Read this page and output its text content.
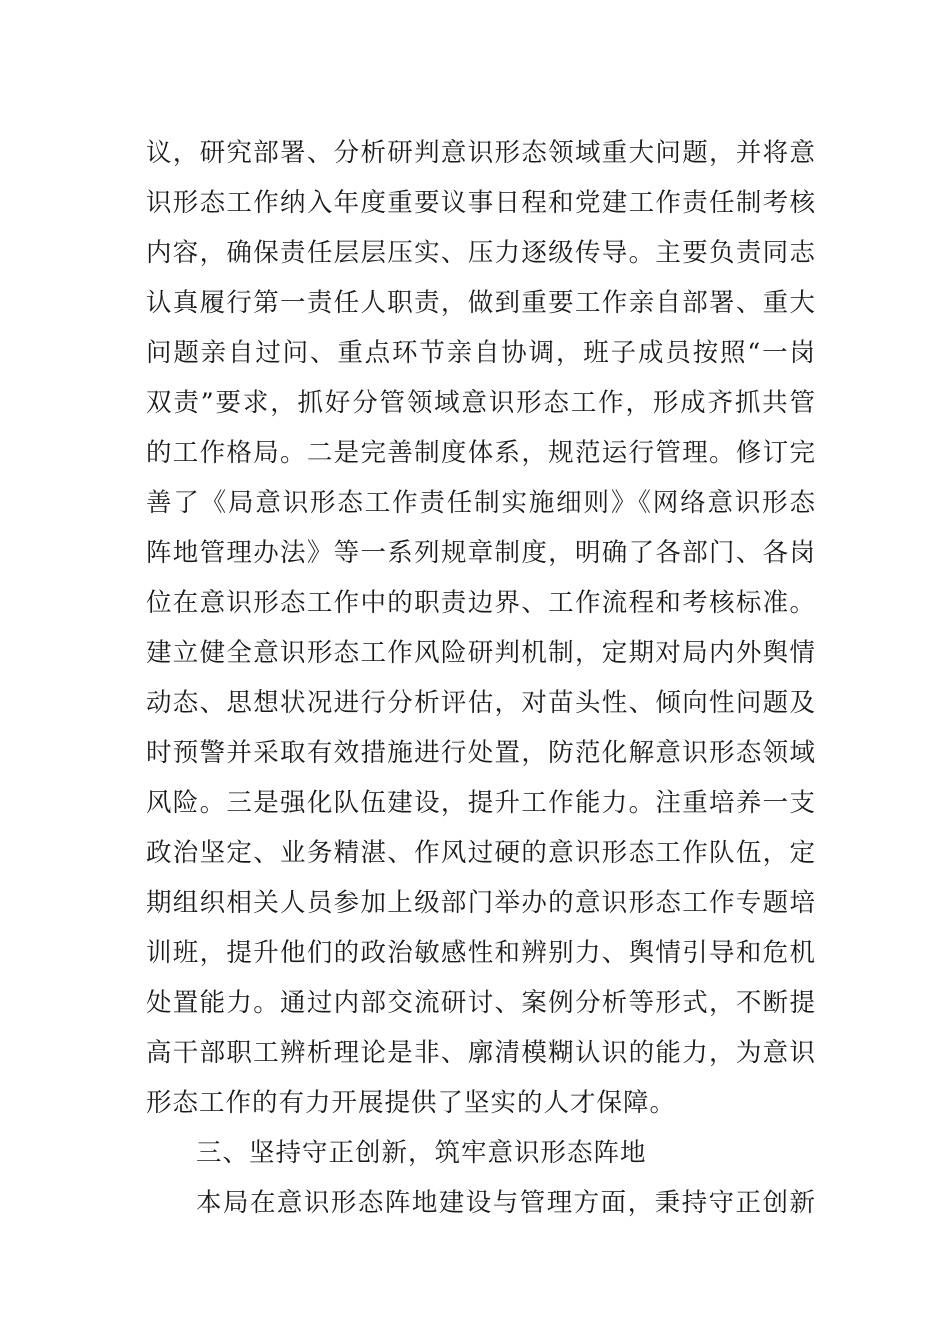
议，研究部署、分析研判意识形态领域重大问题，并将意
识形态工作纳入年度重要议事日程和党建工作责任制考核
内容，确保责任层层压实、压力逐级传导。主要负责同志
认真履行第一责任人职责，做到重要工作亲自部署、重大
问题亲自过问、重点环节亲自协调，班子成员按照“一岗
双责”要求，抓好分管领域意识形态工作，形成齐抓共管
的工作格局。二是完善制度体系，规范运行管理。修订完
善了《局意识形态工作责任制实施细则》《网络意识形态
阵地管理办法》等一系列规章制度，明确了各部门、各岗
位在意识形态工作中的职责边界、工作流程和考核标准。
建立健全意识形态工作风险研判机制，定期对局内外舆情
动态、思想状况进行分析评估，对苗头性、倾向性问题及
时预警并采取有效措施进行处置，防范化解意识形态领域
风险。三是强化队伍建设，提升工作能力。注重培养一支
政治坚定、业务精湛、作风过硬的意识形态工作队伍，定
期组织相关人员参加上级部门举办的意识形态工作专题培
训班，提升他们的政治敏感性和辨别力、舆情引导和危机
处置能力。通过内部交流研讨、案例分析等形式，不断提
高干部职工辨析理论是非、廓清模糊认识的能力，为意识
形态工作的有力开展提供了坚实的人才保障。
三、坚持守正创新，筑牢意识形态阵地
本局在意识形态阵地建设与管理方面，秉持守正创新
